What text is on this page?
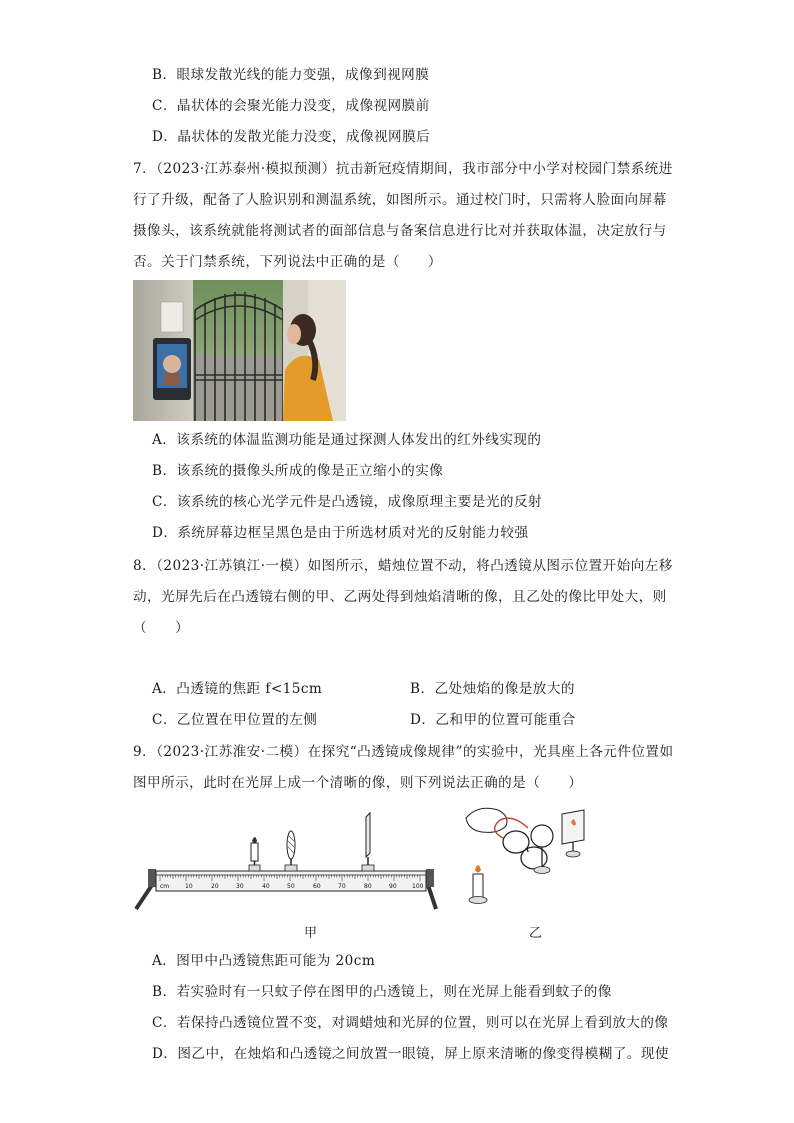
B．眼球发散光线的能力变强，成像到视网膜
C．晶状体的会聚光能力没变，成像视网膜前
D．晶状体的发散光能力没变，成像视网膜后
7．（2023·江苏泰州·模拟预测）抗击新冠疫情期间，我市部分中小学对校园门禁系统进
行了升级，配备了人脸识别和测温系统，如图所示。通过校门时，只需将人脸面向屏幕
摄像头，该系统就能将测试者的面部信息与备案信息进行比对并获取体温，决定放行与
否。关于门禁系统，下列说法中正确的是（　　）
A．该系统的体温监测功能是通过探测人体发出的红外线实现的
B．该系统的摄像头所成的像是正立缩小的实像
C．该系统的核心光学元件是凸透镜，成像原理主要是光的反射
D．系统屏幕边框呈黑色是由于所选材质对光的反射能力较强
8．（2023·江苏镇江·一模）如图所示，蜡烛位置不动，将凸透镜从图示位置开始向左移
动，光屏先后在凸透镜右侧的甲、乙两处得到烛焰清晰的像，且乙处的像比甲处大，则
（　　）
A．凸透镜的焦距 f<15cm	B．乙处烛焰的像是放大的
C．乙位置在甲位置的左侧	D．乙和甲的位置可能重合
9．（2023·江苏淮安·二模）在探究“凸透镜成像规律”的实验中，光具座上各元件位置如
图甲所示，此时在光屏上成一个清晰的像，则下列说法正确的是（　　）
cm	10	20	30	40	50	60	70	80	90	100
甲	乙
A．图甲中凸透镜焦距可能为 20cm
B．若实验时有一只蚊子停在图甲的凸透镜上，则在光屏上能看到蚊子的像
C．若保持凸透镜位置不变，对调蜡烛和光屏的位置，则可以在光屏上看到放大的像
D．图乙中，在烛焰和凸透镜之间放置一眼镜，屏上原来清晰的像变得模糊了。现使
